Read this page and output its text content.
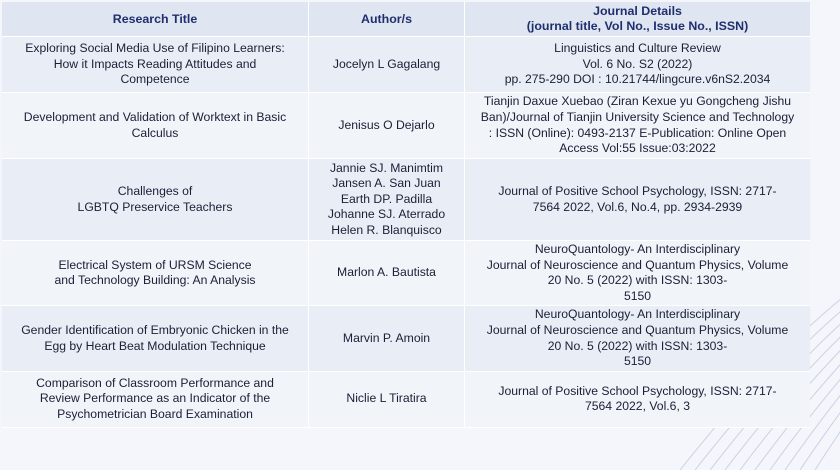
Research Title	Author/s	Journal Details
(journal title, Vol No., Issue No., ISSN)

Exploring Social Media Use of Filipino Learners:
How it Impacts Reading Attitudes and
Competence	Jocelyn L Gagalang	Linguistics and Culture Review
Vol. 6 No. S2 (2022)
pp. 275-290 DOI : 10.21744/lingcure.v6nS2.2034

Development and Validation of Worktext in Basic
Calculus	Jenisus O Dejarlo	Tianjin Daxue Xuebao (Ziran Kexue yu Gongcheng Jishu
Ban)/Journal of Tianjin University Science and Technology
: ISSN (Online): 0493-2137 E-Publication: Online Open
Access Vol:55 Issue:03:2022

Challenges of
LGBTQ Preservice Teachers	Jannie SJ. Manimtim
Jansen A. San Juan
Earth DP. Padilla
Johanne SJ. Aterrado
Helen R. Blanquisco	Journal of Positive School Psychology, ISSN: 2717-
7564 2022, Vol.6, No.4, pp. 2934-2939

Electrical System of URSM Science
and Technology Building: An Analysis	Marlon A. Bautista	NeuroQuantology- An Interdisciplinary
Journal of Neuroscience and Quantum Physics, Volume
20 No. 5 (2022) with ISSN: 1303-
5150

Gender Identification of Embryonic Chicken in the
Egg by Heart Beat Modulation Technique	Marvin P. Amoin	NeuroQuantology- An Interdisciplinary
Journal of Neuroscience and Quantum Physics, Volume
20 No. 5 (2022) with ISSN: 1303-
5150

Comparison of Classroom Performance and
Review Performance as an Indicator of the
Psychometrician Board Examination	Niclie L Tiratira	Journal of Positive School Psychology, ISSN: 2717-
7564 2022, Vol.6, 3
